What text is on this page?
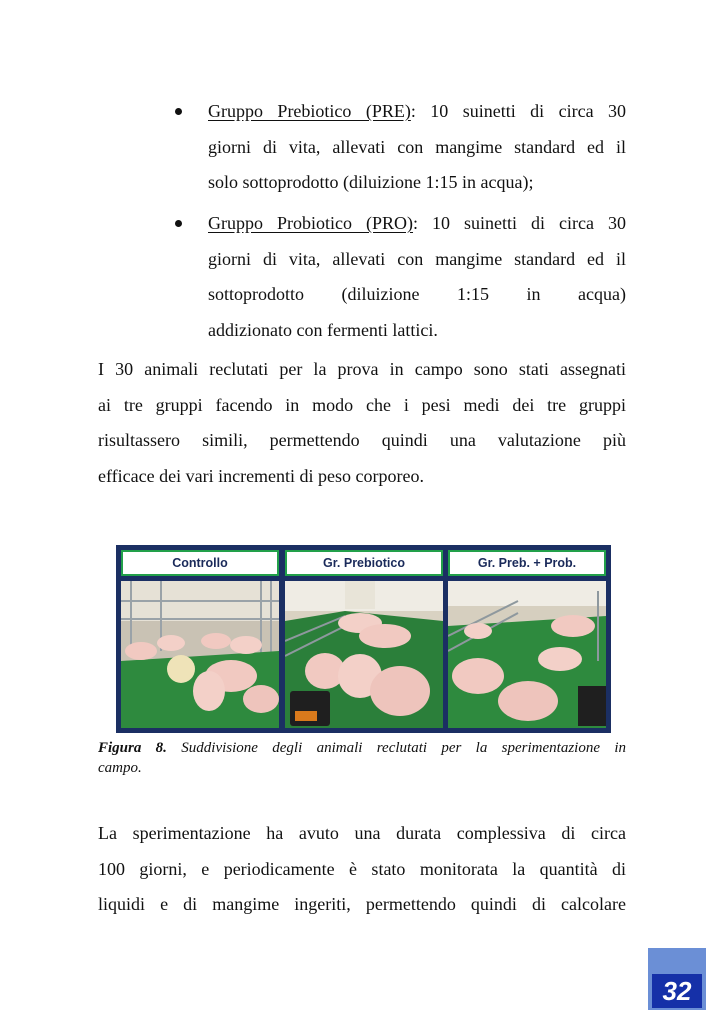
Gruppo Prebiotico (PRE): 10 suinetti di circa 30
giorni di vita, allevati con mangime standard ed il
solo sottoprodotto (diluizione 1:15 in acqua);
Gruppo Probiotico (PRO): 10 suinetti di circa 30
giorni di vita, allevati con mangime standard ed il
sottoprodotto (diluizione 1:15 in acqua)
addizionato con fermenti lattici.
I 30 animali reclutati per la prova in campo sono stati assegnati
ai tre gruppi facendo in modo che i pesi medi dei tre gruppi
risultassero simili, permettendo quindi una valutazione più
efficace dei vari incrementi di peso corporeo.
Controllo	Gr. Prebiotico	Gr. Preb. + Prob.
Figura 8. Suddivisione degli animali reclutati per la sperimentazione in
campo.
La sperimentazione ha avuto una durata complessiva di circa
100 giorni, e periodicamente è stato monitorata la quantità di
liquidi e di mangime ingeriti, permettendo quindi di calcolare
32
